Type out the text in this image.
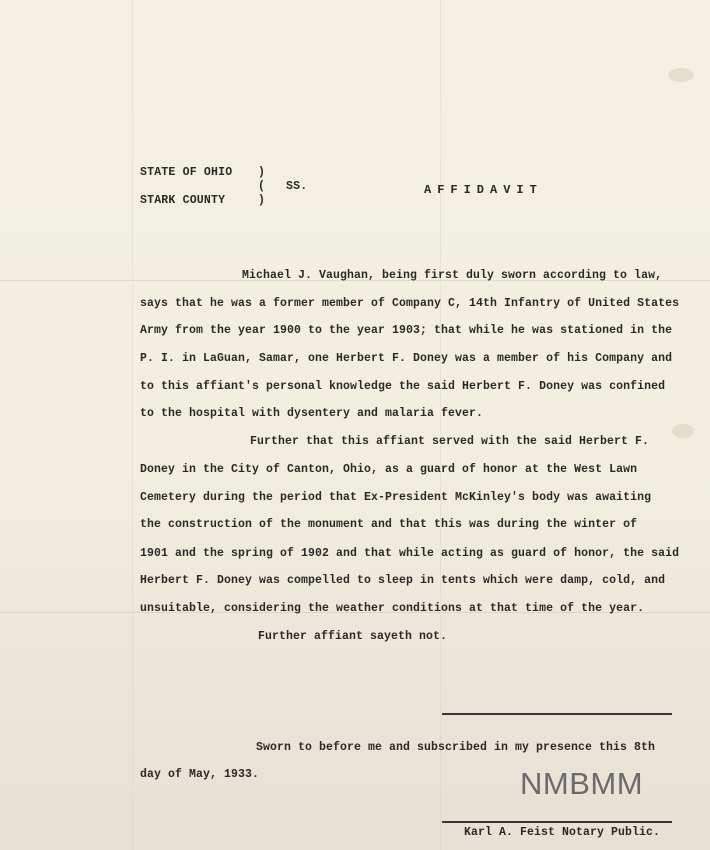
STATE OF OHIO
STARK COUNTY
)
(
)
SS.	AFFIDAVIT
Michael J. Vaughan, being first duly sworn according to law,
says that he was a former member of Company C, 14th Infantry of United States
Army from the year 1900 to the year 1903; that while he was stationed in the
P. I. in LaGuan, Samar, one Herbert F. Doney was a member of his Company and
to this affiant's personal knowledge the said Herbert F. Doney was confined
to the hospital with dysentery and malaria fever.
Further that this affiant served with the said Herbert F.
Doney in the City of Canton, Ohio, as a guard of honor at the West Lawn
Cemetery during the period that Ex-President McKinley's body was awaiting
the construction of the monument and that this was during the winter of
1901 and the spring of 1902 and that while acting as guard of honor, the said
Herbert F. Doney was compelled to sleep in tents which were damp, cold, and
unsuitable, considering the weather conditions at that time of the year.
Further affiant sayeth not.
Sworn to before me and subscribed in my presence this 8th
day of May, 1933.
Karl A. Feist Notary Public.
NMBMM
